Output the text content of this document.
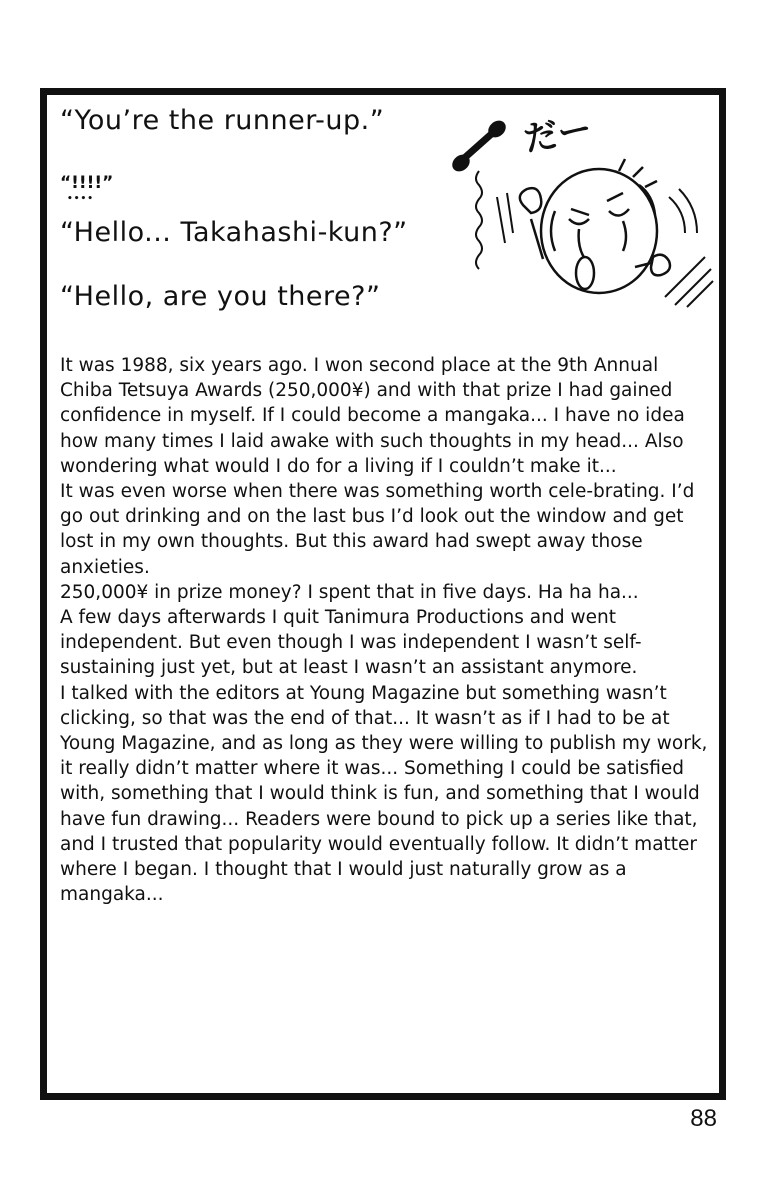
“You’re the runner-up.”

“!!!!”

••••

“Hello... Takahashi-kun?”

“Hello, are you there?”

だー

It was 1988, six years ago. I won second place at the 9th Annual Chiba Tetsuya Awards (250,000¥) and with that prize I had gained confidence in myself. If I could become a mangaka... I have no idea how many times I laid awake with such thoughts in my head... Also wondering what would I do for a living if I couldn’t make it...

It was even worse when there was something worth cele-brating. I’d go out drinking and on the last bus I’d look out the window and get lost in my own thoughts. But this award had swept away those anxieties.

250,000¥ in prize money? I spent that in five days. Ha ha ha...

A few days afterwards I quit Tanimura Productions and went independent. But even though I was independent I wasn’t self-sustaining just yet, but at least I wasn’t an assistant anymore.

I talked with the editors at Young Magazine but something wasn’t clicking, so that was the end of that... It wasn’t as if I had to be at Young Magazine, and as long as they were willing to publish my work, it really didn’t matter where it was... Something I could be satisfied with, something that I would think is fun, and something that I would have fun drawing... Readers were bound to pick up a series like that, and I trusted that popularity would eventually follow. It didn’t matter where I began. I thought that I would just naturally grow as a mangaka...

88
